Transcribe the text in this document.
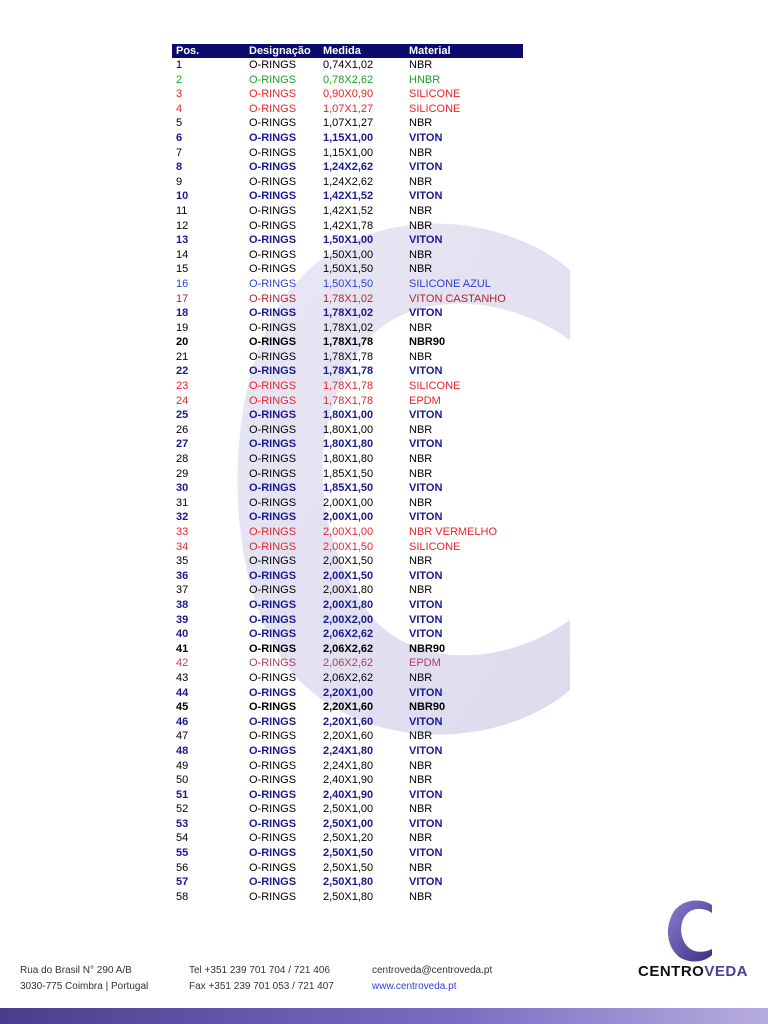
Pos.	Designação	Medida	Material
1	O-RINGS	0,74X1,02	NBR
2	O-RINGS	0,78X2,62	HNBR
3	O-RINGS	0,90X0,90	SILICONE
4	O-RINGS	1,07X1,27	SILICONE
5	O-RINGS	1,07X1,27	NBR
6	O-RINGS	1,15X1,00	VITON
7	O-RINGS	1,15X1,00	NBR
8	O-RINGS	1,24X2,62	VITON
9	O-RINGS	1,24X2,62	NBR
10	O-RINGS	1,42X1,52	VITON
11	O-RINGS	1,42X1,52	NBR
12	O-RINGS	1,42X1,78	NBR
13	O-RINGS	1,50X1,00	VITON
14	O-RINGS	1,50X1,00	NBR
15	O-RINGS	1,50X1,50	NBR
16	O-RINGS	1,50X1,50	SILICONE AZUL
17	O-RINGS	1,78X1,02	VITON CASTANHO
18	O-RINGS	1,78X1,02	VITON
19	O-RINGS	1,78X1,02	NBR
20	O-RINGS	1,78X1,78	NBR90
21	O-RINGS	1,78X1,78	NBR
22	O-RINGS	1,78X1,78	VITON
23	O-RINGS	1,78X1,78	SILICONE
24	O-RINGS	1,78X1,78	EPDM
25	O-RINGS	1,80X1,00	VITON
26	O-RINGS	1,80X1,00	NBR
27	O-RINGS	1,80X1,80	VITON
28	O-RINGS	1,80X1,80	NBR
29	O-RINGS	1,85X1,50	NBR
30	O-RINGS	1,85X1,50	VITON
31	O-RINGS	2,00X1,00	NBR
32	O-RINGS	2,00X1,00	VITON
33	O-RINGS	2,00X1,00	NBR VERMELHO
34	O-RINGS	2,00X1,50	SILICONE
35	O-RINGS	2,00X1,50	NBR
36	O-RINGS	2,00X1,50	VITON
37	O-RINGS	2,00X1,80	NBR
38	O-RINGS	2,00X1,80	VITON
39	O-RINGS	2,00X2,00	VITON
40	O-RINGS	2,06X2,62	VITON
41	O-RINGS	2,06X2,62	NBR90
42	O-RINGS	2,06X2,62	EPDM
43	O-RINGS	2,06X2,62	NBR
44	O-RINGS	2,20X1,00	VITON
45	O-RINGS	2,20X1,60	NBR90
46	O-RINGS	2,20X1,60	VITON
47	O-RINGS	2,20X1,60	NBR
48	O-RINGS	2,24X1,80	VITON
49	O-RINGS	2,24X1,80	NBR
50	O-RINGS	2,40X1,90	NBR
51	O-RINGS	2,40X1,90	VITON
52	O-RINGS	2,50X1,00	NBR
53	O-RINGS	2,50X1,00	VITON
54	O-RINGS	2,50X1,20	NBR
55	O-RINGS	2,50X1,50	VITON
56	O-RINGS	2,50X1,50	NBR
57	O-RINGS	2,50X1,80	VITON
58	O-RINGS	2,50X1,80	NBR
Rua do Brasil N° 290 A/B
3030-775 Coimbra | Portugal
Tel +351 239 701 704 / 721 406
Fax +351 239 701 053 / 721 407
centroveda@centroveda.pt
www.centroveda.pt
CENTROVEDA
